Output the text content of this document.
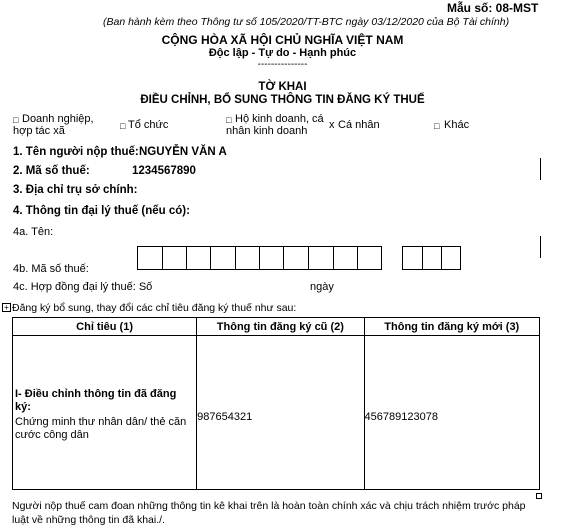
Mẫu số: 08-MST
(Ban hành kèm theo Thông tư số 105/2020/TT-BTC ngày 03/12/2020 của Bộ Tài chính)
CỘNG HÒA XÃ HỘI CHỦ NGHĨA VIỆT NAM
Độc lập - Tự do - Hạnh phúc
---------------
TỜ KHAI
ĐIỀU CHỈNH, BỔ SUNG THÔNG TIN ĐĂNG KÝ THUẾ
□ Doanh nghiệp,
hợp tác xã	□ Tổ chức	□ Hộ kinh doanh, cá
nhân kinh doanh x Cá nhân	□ Khác
1. Tên người nộp thuế: NGUYỄN VĂN A
2. Mã số thuế:	1234567890
3. Địa chỉ trụ sở chính:
4. Thông tin đại lý thuế (nếu có):
4a. Tên:
4b. Mã số thuế:
4c. Hợp đồng đại lý thuế: Số	ngày
+ Đăng ký bổ sung, thay đổi các chỉ tiêu đăng ký thuế như sau:
Chỉ tiêu (1)	Thông tin đăng ký cũ (2)	Thông tin đăng ký mới (3)

I- Điều chỉnh thông tin đã đăng ký:
Chứng minh thư nhân dân/ thẻ căn cước công dân	987654321	456789123078
Người nộp thuế cam đoan những thông tin kê khai trên là hoàn toàn chính xác và chịu trách nhiệm trước pháp luật về những thông tin đã khai./.
